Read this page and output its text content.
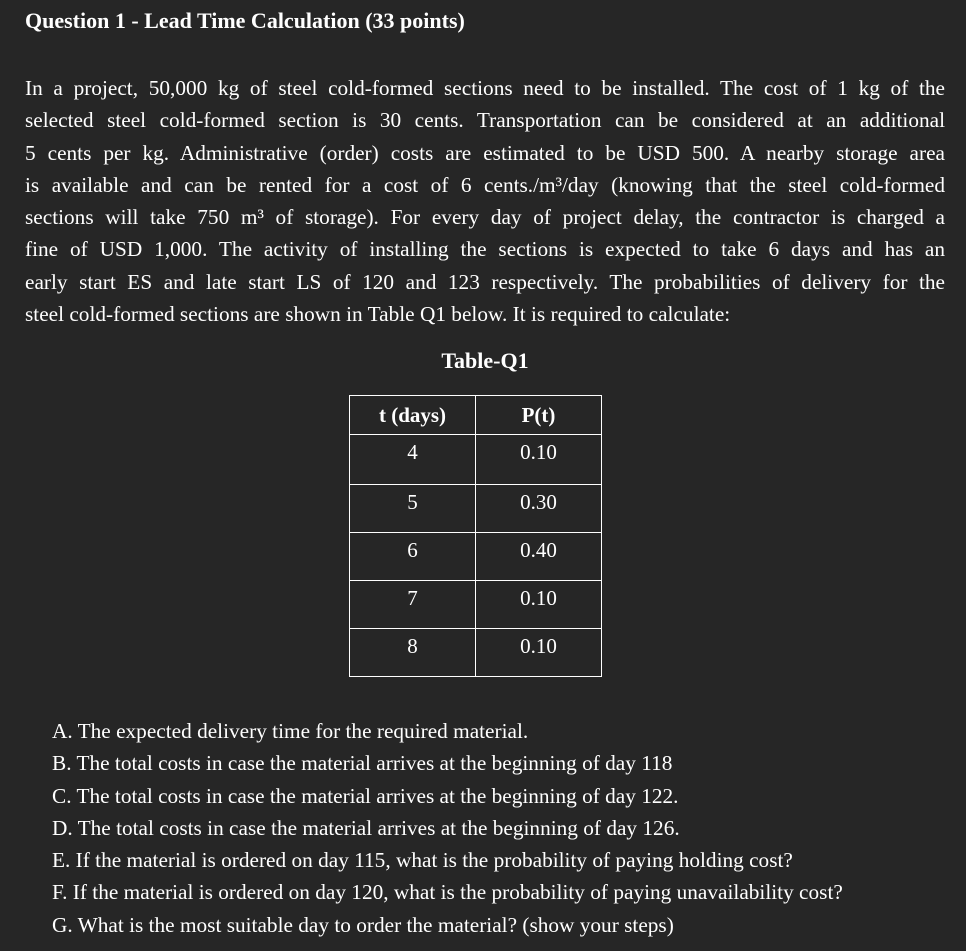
Question 1 - Lead Time Calculation (33 points)

In a project, 50,000 kg of steel cold-formed sections need to be installed. The cost of 1 kg of the
selected steel cold-formed section is 30 cents. Transportation can be considered at an additional
5 cents per kg. Administrative (order) costs are estimated to be USD 500. A nearby storage area
is available and can be rented for a cost of 6 cents./m³/day (knowing that the steel cold-formed
sections will take 750 m³ of storage). For every day of project delay, the contractor is charged a
fine of USD 1,000. The activity of installing the sections is expected to take 6 days and has an
early start ES and late start LS of 120 and 123 respectively. The probabilities of delivery for the
steel cold-formed sections are shown in Table Q1 below. It is required to calculate:

Table-Q1
t (days)	P(t)
4	0.10
5	0.30
6	0.40
7	0.10
8	0.10
A. The expected delivery time for the required material.
B. The total costs in case the material arrives at the beginning of day 118
C. The total costs in case the material arrives at the beginning of day 122.
D. The total costs in case the material arrives at the beginning of day 126.
E. If the material is ordered on day 115, what is the probability of paying holding cost?
F. If the material is ordered on day 120, what is the probability of paying unavailability cost?
G. What is the most suitable day to order the material? (show your steps)
